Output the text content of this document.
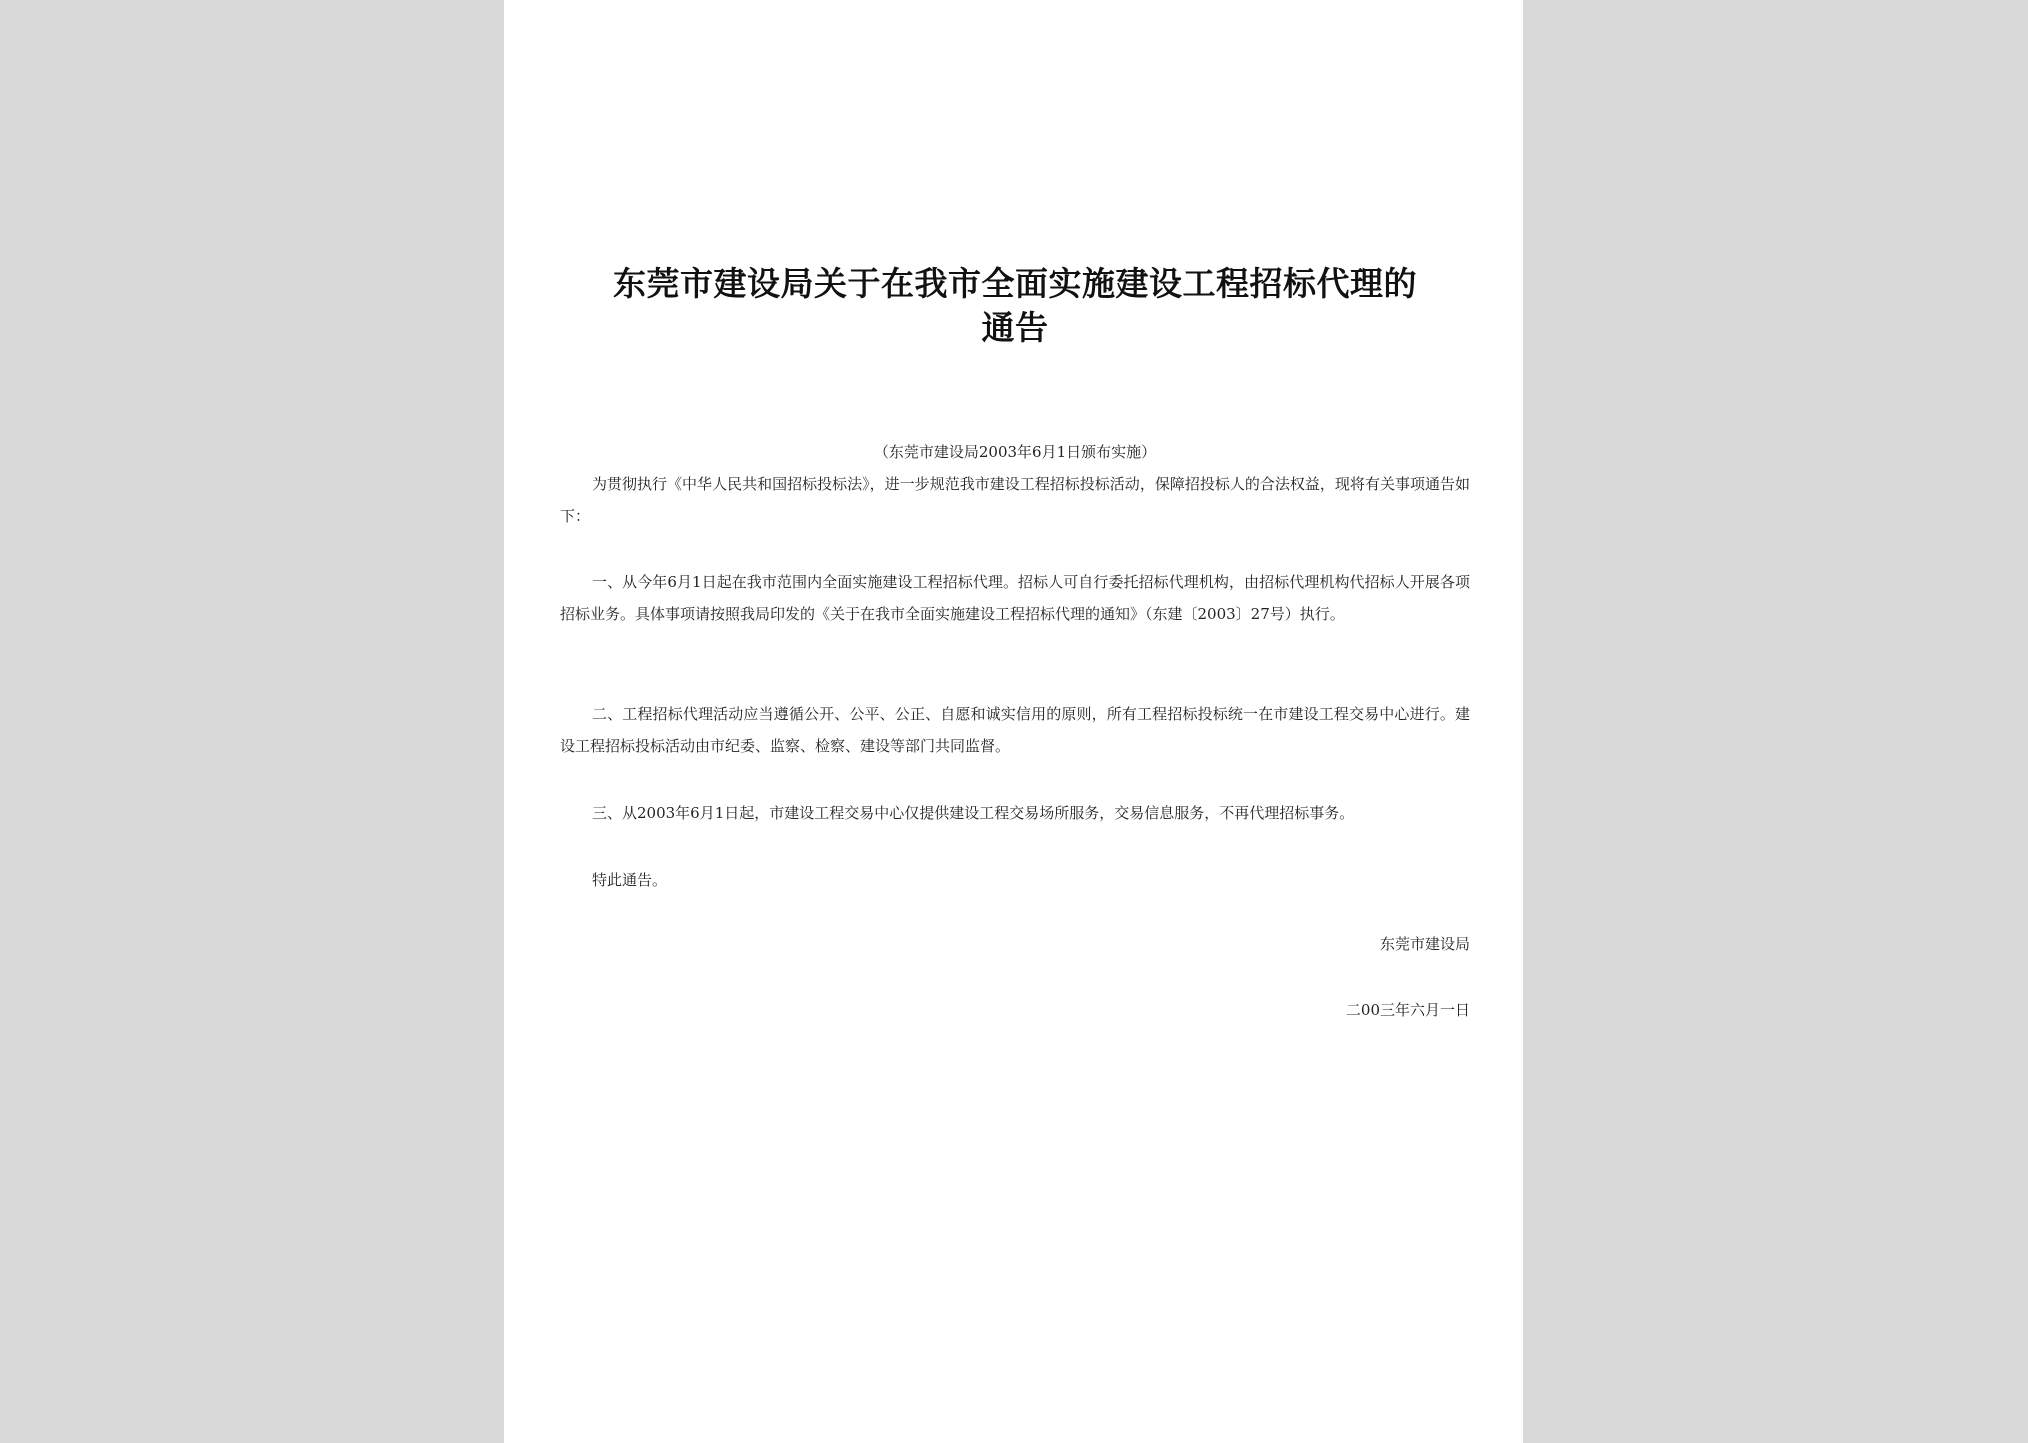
东莞市建设局关于在我市全面实施建设工程招标代理的
通告
（东莞市建设局2003年6月1日颁布实施）

为贯彻执行《中华人民共和国招标投标法》，进一步规范我市建设工程招标投标活动，保障招投标人的合法权益，现将有关事项通告如下：

一、从今年6月1日起在我市范围内全面实施建设工程招标代理。招标人可自行委托招标代理机构，由招标代理机构代招标人开展各项招标业务。具体事项请按照我局印发的《关于在我市全面实施建设工程招标代理的通知》（东建〔2003〕27号）执行。

二、工程招标代理活动应当遵循公开、公平、公正、自愿和诚实信用的原则，所有工程招标投标统一在市建设工程交易中心进行。建设工程招标投标活动由市纪委、监察、检察、建设等部门共同监督。

三、从2003年6月1日起，市建设工程交易中心仅提供建设工程交易场所服务，交易信息服务，不再代理招标事务。

特此通告。

东莞市建设局
二00三年六月一日
